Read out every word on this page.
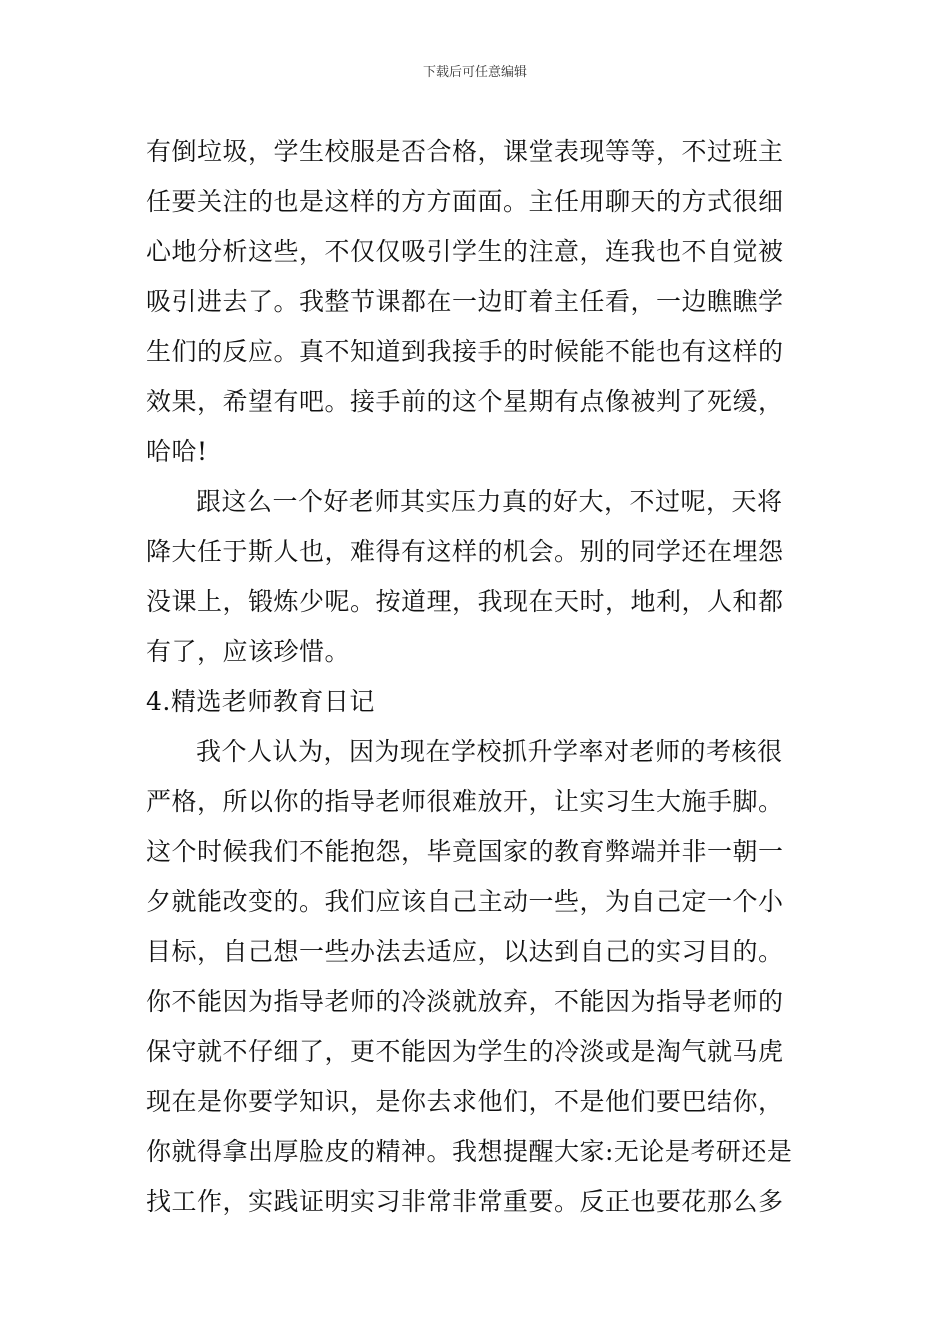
下载后可任意编辑
有倒垃圾，学生校服是否合格，课堂表现等等，不过班主
任要关注的也是这样的方方面面。主任用聊天的方式很细
心地分析这些，不仅仅吸引学生的注意，连我也不自觉被
吸引进去了。我整节课都在一边盯着主任看，一边瞧瞧学
生们的反应。真不知道到我接手的时候能不能也有这样的
效果，希望有吧。接手前的这个星期有点像被判了死缓，
哈哈!
跟这么一个好老师其实压力真的好大，不过呢，天将
降大任于斯人也，难得有这样的机会。别的同学还在埋怨
没课上，锻炼少呢。按道理，我现在天时，地利，人和都
有了，应该珍惜。
4.精选老师教育日记
我个人认为，因为现在学校抓升学率对老师的考核很
严格，所以你的指导老师很难放开，让实习生大施手脚。
这个时候我们不能抱怨，毕竟国家的教育弊端并非一朝一
夕就能改变的。我们应该自己主动一些，为自己定一个小
目标，自己想一些办法去适应，以达到自己的实习目的。
你不能因为指导老师的冷淡就放弃，不能因为指导老师的
保守就不仔细了，更不能因为学生的冷淡或是淘气就马虎
现在是你要学知识，是你去求他们，不是他们要巴结你，
你就得拿出厚脸皮的精神。我想提醒大家:无论是考研还是
找工作，实践证明实习非常非常重要。反正也要花那么多
